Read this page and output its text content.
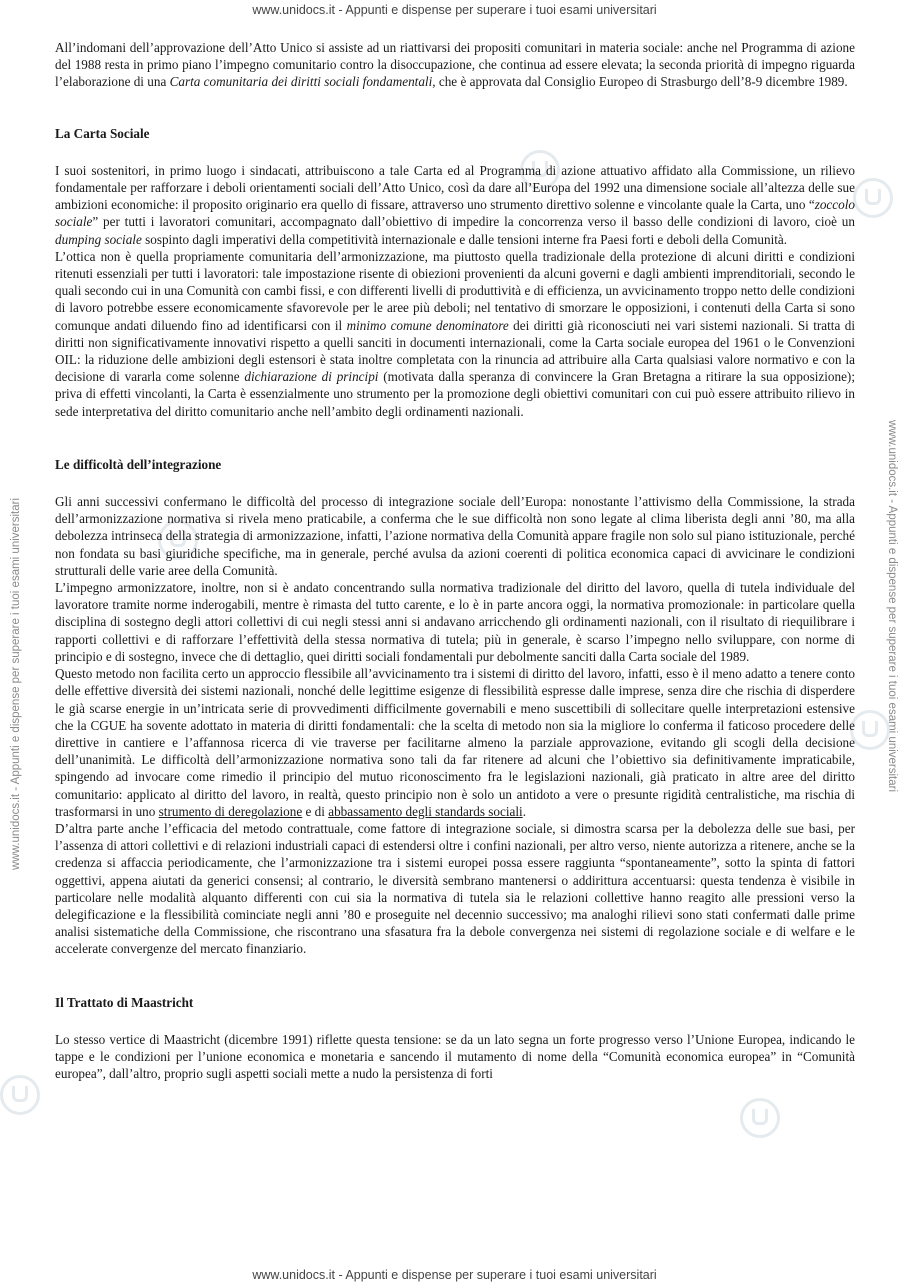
www.unidocs.it - Appunti e dispense per superare i tuoi esami universitari
www.unidocs.it - Appunti e dispense per superare i tuoi esami universitari	www.unidocs.it - Appunti e dispense per superare i tuoi esami universitari

All’indomani dell’approvazione dell’Atto Unico si assiste ad un riattivarsi dei propositi comunitari in materia sociale: anche nel Programma di azione del 1988 resta in primo piano l’impegno comunitario contro la disoccupazione, che continua ad essere elevata; la seconda priorità di impegno riguarda l’elaborazione di una Carta comunitaria dei diritti sociali fondamentali, che è approvata dal Consiglio Europeo di Strasburgo dell’8-9 dicembre 1989.

La Carta Sociale

I suoi sostenitori, in primo luogo i sindacati, attribuiscono a tale Carta ed al Programma di azione attuativo affidato alla Commissione, un rilievo fondamentale per rafforzare i deboli orientamenti sociali dell’Atto Unico, così da dare all’Europa del 1992 una dimensione sociale all’altezza delle sue ambizioni economiche: il proposito originario era quello di fissare, attraverso uno strumento direttivo solenne e vincolante quale la Carta, uno “zoccolo sociale” per tutti i lavoratori comunitari, accompagnato dall’obiettivo di impedire la concorrenza verso il basso delle condizioni di lavoro, cioè un dumping sociale sospinto dagli imperativi della competitività internazionale e dalle tensioni interne fra Paesi forti e deboli della Comunità.

L’ottica non è quella propriamente comunitaria dell’armonizzazione, ma piuttosto quella tradizionale della protezione di alcuni diritti e condizioni ritenuti essenziali per tutti i lavoratori: tale impostazione risente di obiezioni provenienti da alcuni governi e dagli ambienti imprenditoriali, secondo le quali secondo cui in una Comunità con cambi fissi, e con differenti livelli di produttività e di efficienza, un avvicinamento troppo netto delle condizioni di lavoro potrebbe essere economicamente sfavorevole per le aree più deboli; nel tentativo di smorzare le opposizioni, i contenuti della Carta si sono comunque andati diluendo fino ad identificarsi con il minimo comune denominatore dei diritti già riconosciuti nei vari sistemi nazionali. Si tratta di diritti non significativamente innovativi rispetto a quelli sanciti in documenti internazionali, come la Carta sociale europea del 1961 o le Convenzioni OIL: la riduzione delle ambizioni degli estensori è stata inoltre completata con la rinuncia ad attribuire alla Carta qualsiasi valore normativo e con la decisione di vararla come solenne dichiarazione di principi (motivata dalla speranza di convincere la Gran Bretagna a ritirare la sua opposizione); priva di effetti vincolanti, la Carta è essenzialmente uno strumento per la promozione degli obiettivi comunitari con cui può essere attribuito rilievo in sede interpretativa del diritto comunitario anche nell’ambito degli ordinamenti nazionali.

Le difficoltà dell’integrazione

Gli anni successivi confermano le difficoltà del processo di integrazione sociale dell’Europa: nonostante l’attivismo della Commissione, la strada dell’armonizzazione normativa si rivela meno praticabile, a conferma che le sue difficoltà non sono legate al clima liberista degli anni ’80, ma alla debolezza intrinseca della strategia di armonizzazione, infatti, l’azione normativa della Comunità appare fragile non solo sul piano istituzionale, perché non fondata su basi giuridiche specifiche, ma in generale, perché avulsa da azioni coerenti di politica economica capaci di avvicinare le condizioni strutturali delle varie aree della Comunità.

L’impegno armonizzatore, inoltre, non si è andato concentrando sulla normativa tradizionale del diritto del lavoro, quella di tutela individuale del lavoratore tramite norme inderogabili, mentre è rimasta del tutto carente, e lo è in parte ancora oggi, la normativa promozionale: in particolare quella disciplina di sostegno degli attori collettivi di cui negli stessi anni si andavano arricchendo gli ordinamenti nazionali, con il risultato di riequilibrare i rapporti collettivi e di rafforzare l’effettività della stessa normativa di tutela; più in generale, è scarso l’impegno nello sviluppare, con norme di principio e di sostegno, invece che di dettaglio, quei diritti sociali fondamentali pur debolmente sanciti dalla Carta sociale del 1989.

Questo metodo non facilita certo un approccio flessibile all’avvicinamento tra i sistemi di diritto del lavoro, infatti, esso è il meno adatto a tenere conto delle effettive diversità dei sistemi nazionali, nonché delle legittime esigenze di flessibilità espresse dalle imprese, senza dire che rischia di disperdere le già scarse energie in un’intricata serie di provvedimenti difficilmente governabili e meno suscettibili di sollecitare quelle interpretazioni estensive che la CGUE ha sovente adottato in materia di diritti fondamentali: che la scelta di metodo non sia la migliore lo conferma il faticoso procedere delle direttive in cantiere e l’affannosa ricerca di vie traverse per facilitarne almeno la parziale approvazione, evitando gli scogli della decisione dell’unanimità. Le difficoltà dell’armonizzazione normativa sono tali da far ritenere ad alcuni che l’obiettivo sia definitivamente impraticabile, spingendo ad invocare come rimedio il principio del mutuo riconoscimento fra le legislazioni nazionali, già praticato in altre aree del diritto comunitario: applicato al diritto del lavoro, in realtà, questo principio non è solo un antidoto a vere o presunte rigidità centralistiche, ma rischia di trasformarsi in uno strumento di deregolazione e di abbassamento degli standards sociali.

D’altra parte anche l’efficacia del metodo contrattuale, come fattore di integrazione sociale, si dimostra scarsa per la debolezza delle sue basi, per l’assenza di attori collettivi e di relazioni industriali capaci di estendersi oltre i confini nazionali, per altro verso, niente autorizza a ritenere, anche se la credenza si affaccia periodicamente, che l’armonizzazione tra i sistemi europei possa essere raggiunta “spontaneamente”, sotto la spinta di fattori oggettivi, appena aiutati da generici consensi; al contrario, le diversità sembrano mantenersi o addirittura accentuarsi: questa tendenza è visibile in particolare nelle modalità alquanto differenti con cui sia la normativa di tutela sia le relazioni collettive hanno reagito alle pressioni verso la delegificazione e la flessibilità cominciate negli anni ’80 e proseguite nel decennio successivo; ma analoghi rilievi sono stati confermati dalle prime analisi sistematiche della Commissione, che riscontrano una sfasatura fra la debole convergenza nei sistemi di regolazione sociale e di welfare e le accelerate convergenze del mercato finanziario.

Il Trattato di Maastricht

Lo stesso vertice di Maastricht (dicembre 1991) riflette questa tensione: se da un lato segna un forte progresso verso l’Unione Europea, indicando le tappe e le condizioni per l’unione economica e monetaria e sancendo il mutamento di nome della “Comunità economica europea” in “Comunità europea”, dall’altro, proprio sugli aspetti sociali mette a nudo la persistenza di forti

www.unidocs.it - Appunti e dispense per superare i tuoi esami universitari
